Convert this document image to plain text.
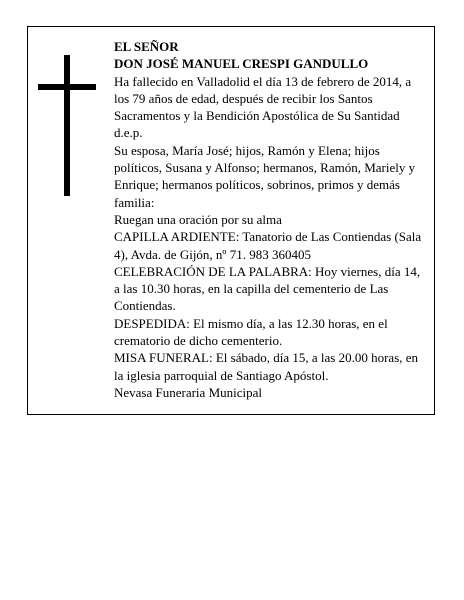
EL SEÑOR

DON JOSÉ MANUEL CRESPI GANDULLO

Ha fallecido en Valladolid el día 13 de febrero de 2014, a los 79 años de edad, después de recibir los Santos Sacramentos y la Bendición Apostólica de Su Santidad d.e.p.

Su esposa, María José; hijos, Ramón y Elena; hijos políticos, Susana y Alfonso; hermanos, Ramón, Mariely y Enrique; hermanos políticos, sobrinos, primos y demás familia:

Ruegan una oración por su alma

CAPILLA ARDIENTE: Tanatorio de Las Contiendas (Sala 4), Avda. de Gijón, nº 71. 983 360405

CELEBRACIÓN DE LA PALABRA: Hoy viernes, día 14, a las 10.30 horas, en la capilla del cementerio de Las Contiendas.

DESPEDIDA: El mismo día, a las 12.30 horas, en el crematorio de dicho cementerio.

MISA FUNERAL: El sábado, día 15, a las 20.00 horas, en la iglesia parroquial de Santiago Apóstol.

Nevasa Funeraria Municipal
